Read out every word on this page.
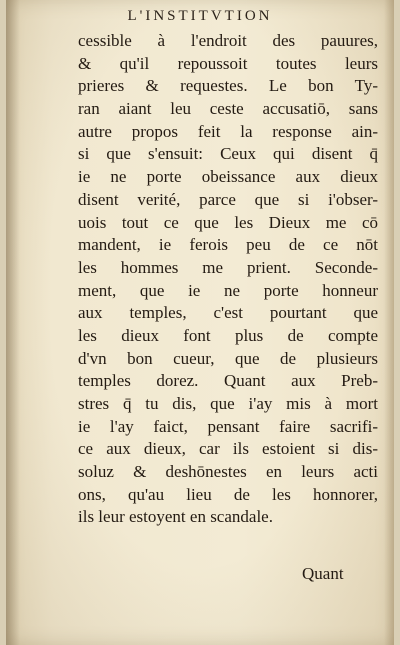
L'INSTITVTION
cessible à l'endroit des pauures,
& qu'il repoussoit toutes leurs
prieres & requestes. Le bon Ty-
ran aiant leu ceste accusatiō, sans
autre propos feit la response ain-
si que s'ensuit: Ceux qui disent q̄
ie ne porte obeissance aux dieux
disent verité, parce que si i'obser-
uois tout ce que les Dieux me cō
mandent, ie ferois peu de ce nōt
les hommes me prient. Seconde-
ment, que ie ne porte honneur
aux temples, c'est pourtant que
les dieux font plus de compte
d'vn bon cueur, que de plusieurs
temples dorez. Quant aux Preb-
stres q̄ tu dis, que i'ay mis à mort
ie l'ay faict, pensant faire sacrifi-
ce aux dieux, car ils estoient si dis-
soluz & deshōnestes en leurs acti
ons, qu'au lieu de les honnorer,
ils leur estoyent en scandale.
Quant
